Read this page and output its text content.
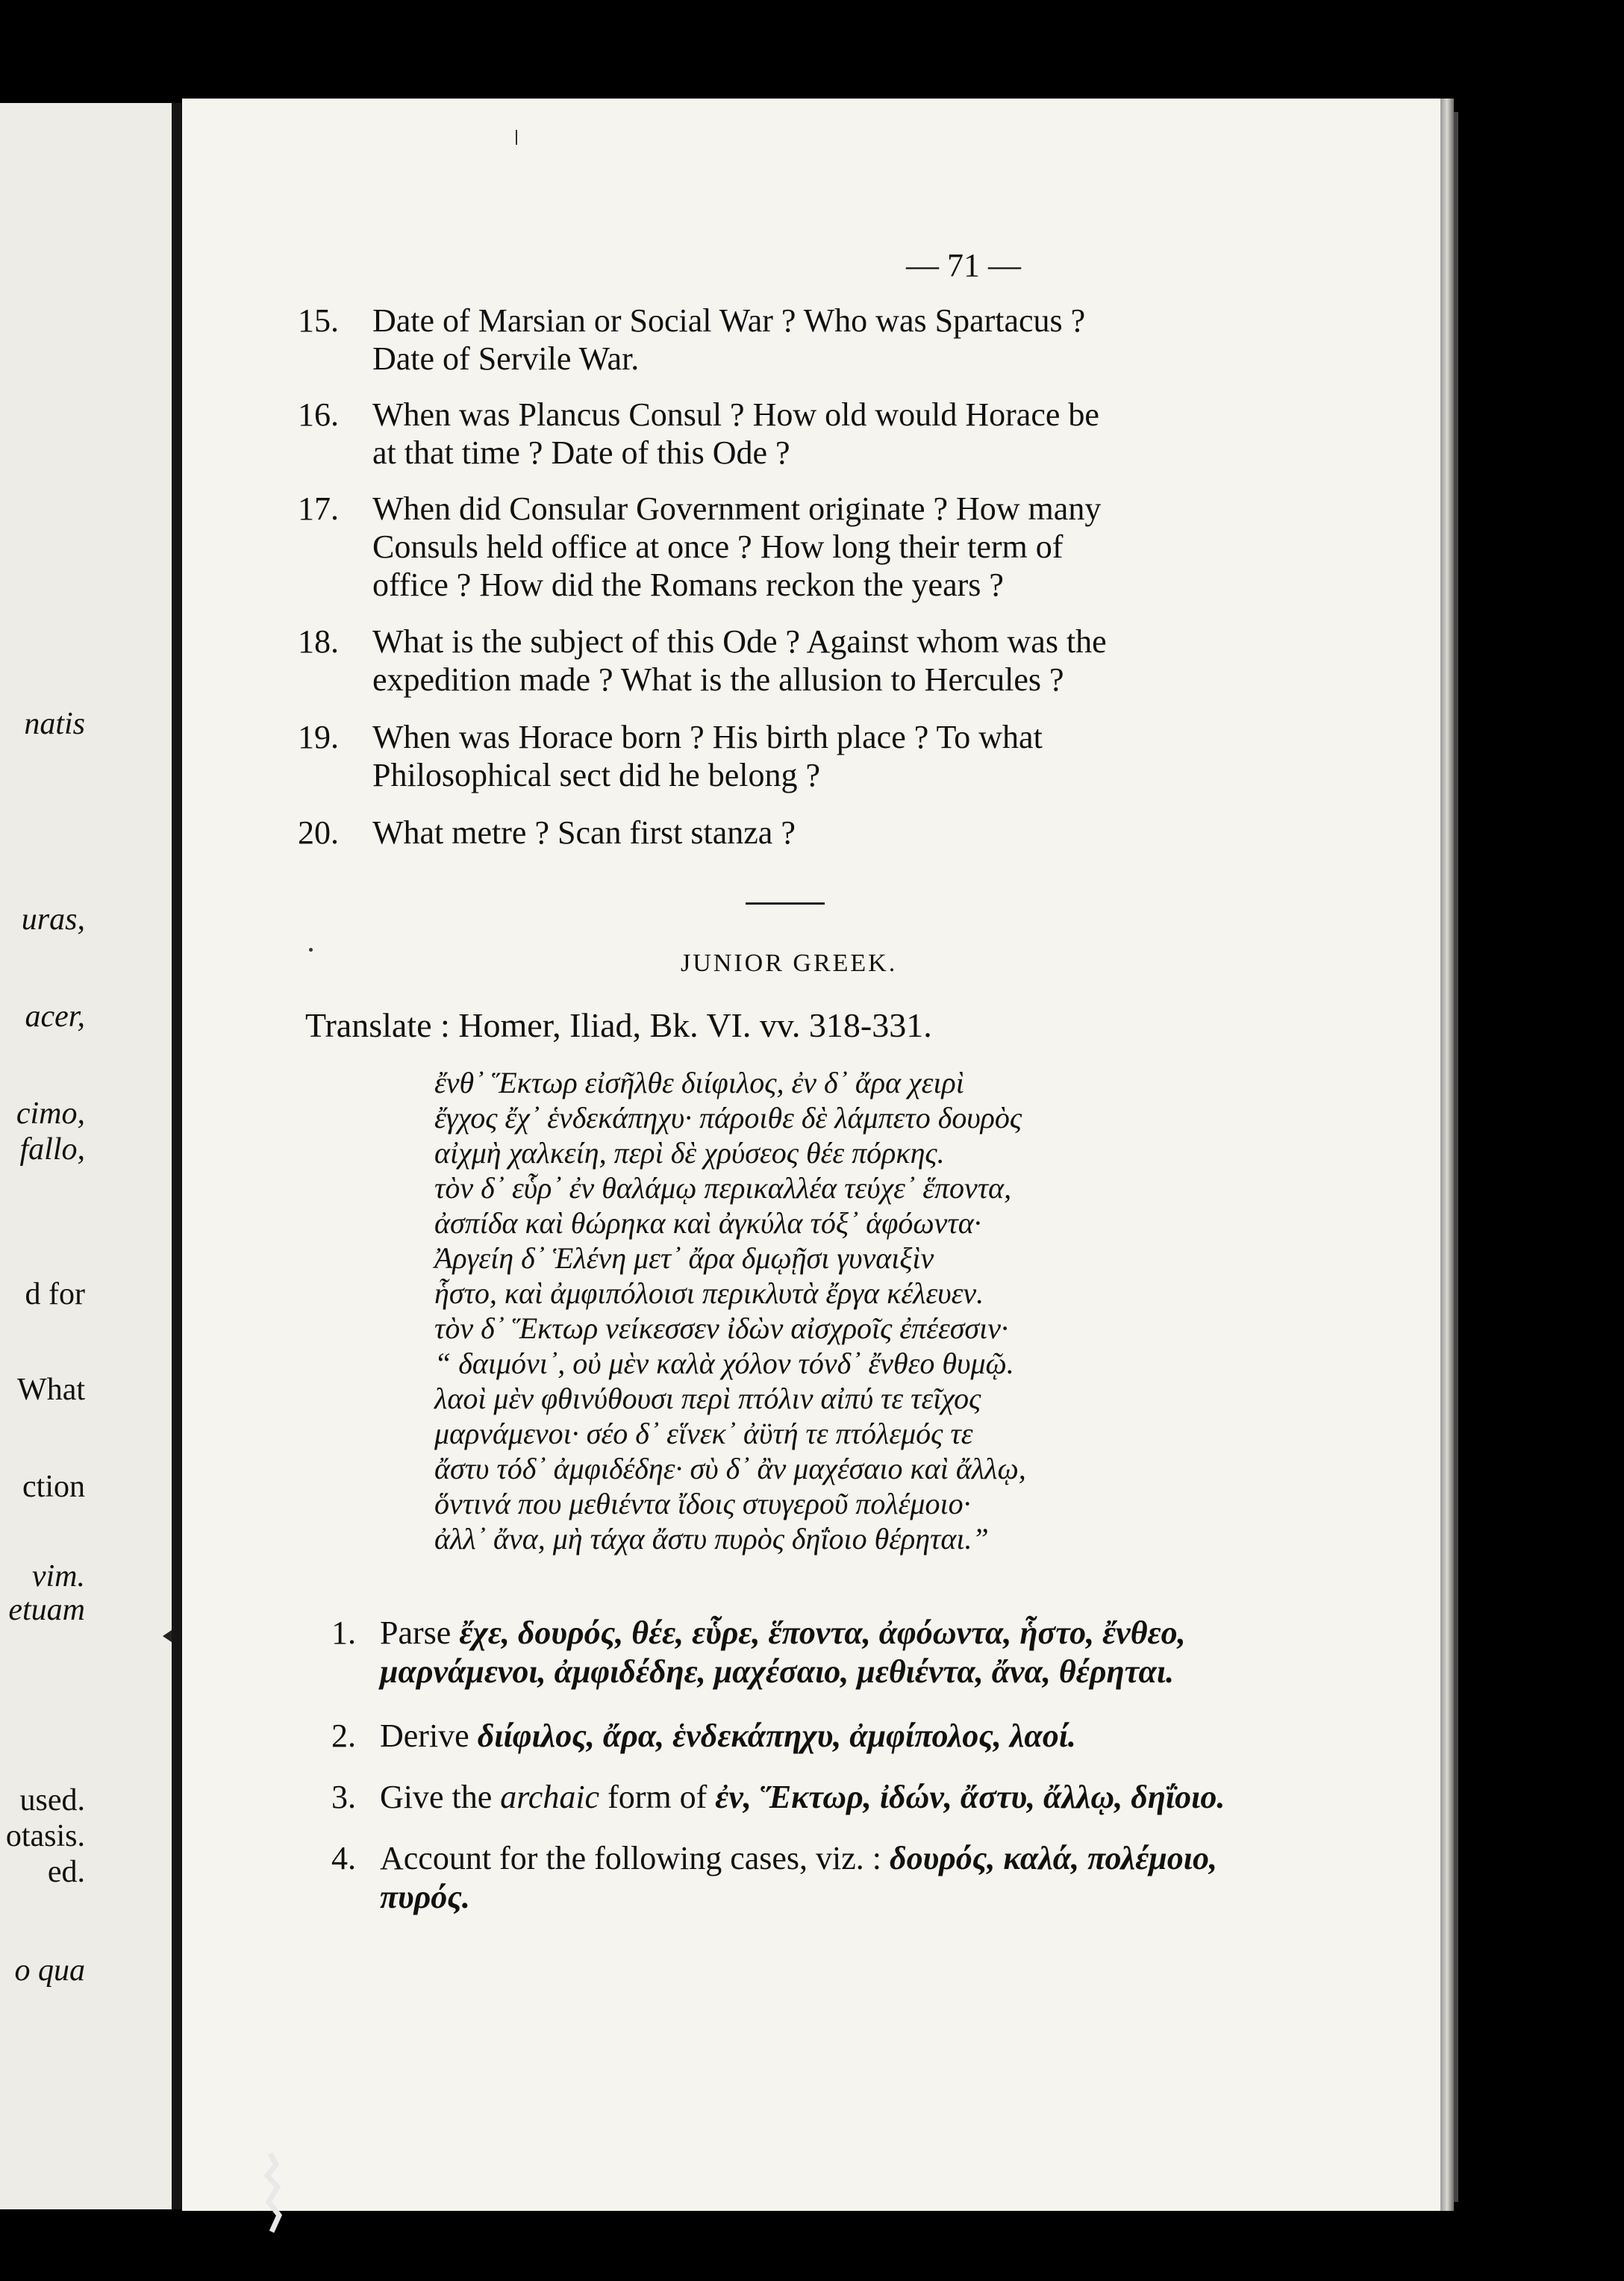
natis
uras,
acer,
cimo,
fallo,
d for
What
ction
vim.
etuam
used.
otasis.
ed.
o qua
— 71 —
15. Date of Marsian or Social War ? Who was Spartacus ?
Date of Servile War.
16. When was Plancus Consul ? How old would Horace be
at that time ? Date of this Ode ?
17. When did Consular Government originate ? How many
Consuls held office at once ? How long their term of
office ? How did the Romans reckon the years ?
18. What is the subject of this Ode ? Against whom was the
expedition made ? What is the allusion to Hercules ?
19. When was Horace born ? His birth place ? To what
Philosophical sect did he belong ?
20. What metre ? Scan first stanza ?
JUNIOR GREEK.
Translate : Homer, Iliad, Bk. VI. vv. 318-331.
ἔνθ᾽ Ἕκτωρ εἰσῆλθε διίφιλος, ἐν δ᾽ ἄρα χειρὶ
ἔγχος ἔχ᾽ ἑνδεκάπηχυ· πάροιθε δὲ λάμπετο δουρὸς
αἰχμὴ χαλκείη, περὶ δὲ χρύσεος θέε πόρκης.
τὸν δ᾽ εὗρ᾽ ἐν θαλάμῳ περικαλλέα τεύχε᾽ ἕποντα,
ἀσπίδα καὶ θώρηκα καὶ ἀγκύλα τόξ᾽ ἁφόωντα·
Ἀργείη δ᾽ Ἑλένη μετ᾽ ἄρα δμῳῇσι γυναιξὶν
ἧστο, καὶ ἀμφιπόλοισι περικλυτὰ ἔργα κέλευεν.
τὸν δ᾽ Ἕκτωρ νείκεσσεν ἰδὼν αἰσχροῖς ἐπέεσσιν·
“ δαιμόνι᾽, οὐ μὲν καλὰ χόλον τόνδ᾽ ἔνθεο θυμῷ.
λαοὶ μὲν φθινύθουσι περὶ πτόλιν αἰπύ τε τεῖχος
μαρνάμενοι· σέο δ᾽ εἵνεκ᾽ ἀϋτή τε πτόλεμός τε
ἄστυ τόδ᾽ ἀμφιδέδηε· σὺ δ᾽ ἂν μαχέσαιο καὶ ἄλλῳ,
ὅντινά που μεθιέντα ἴδοις στυγεροῦ πολέμοιο·
ἀλλ᾽ ἄνα, μὴ τάχα ἄστυ πυρὸς δηΐοιο θέρηται.”
1. Parse ἔχε, δουρός, θέε, εὗρε, ἕποντα, ἀφόωντα, ἧστο, ἔνθεο,
μαρνάμενοι, ἀμφιδέδηε, μαχέσαιο, μεθιέντα, ἄνα, θέρηται.
2. Derive διίφιλος, ἄρα, ἑνδεκάπηχυ, ἀμφίπολος, λαοί.
3. Give the archaic form of ἐν, Ἕκτωρ, ἰδών, ἄστυ, ἄλλῳ, δηΐοιο.
4. Account for the following cases, viz. : δουρός, καλά, πολέμοιο,
πυρός.
